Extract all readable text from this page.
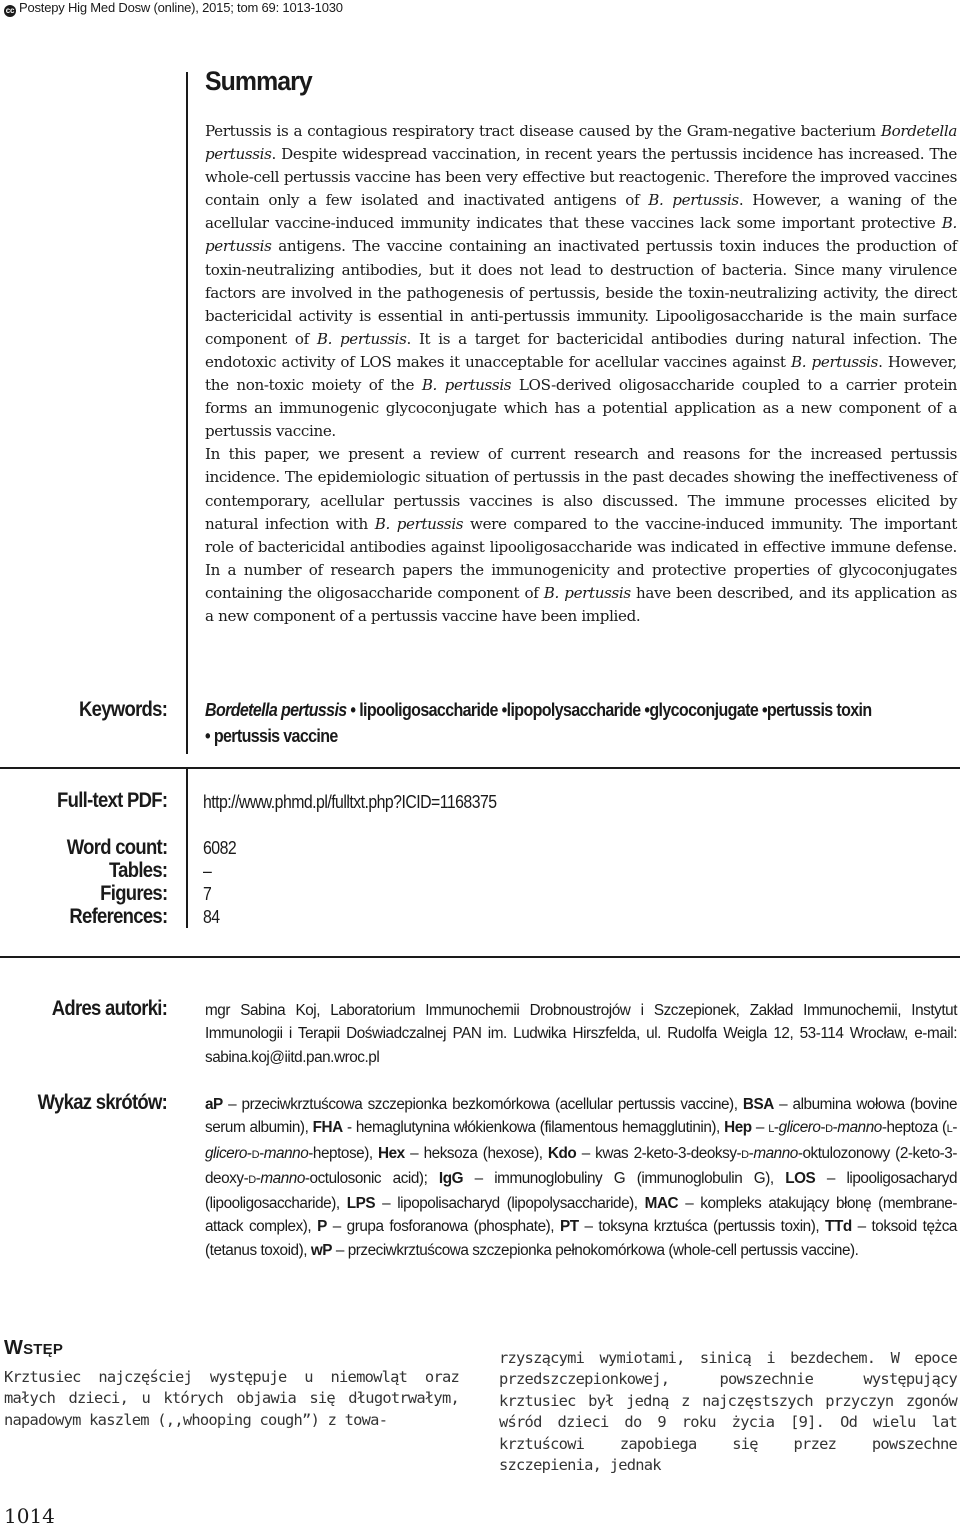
cc Postepy Hig Med Dosw (online), 2015; tom 69: 1013-1030
Summary

Pertussis is a contagious respiratory tract disease caused by the Gram-negative bacterium Bordetella pertussis. Despite widespread vaccination, in recent years the pertussis incidence has increased. The whole-cell pertussis vaccine has been very effective but reactogenic. Therefore the improved vaccines contain only a few isolated and inactivated antigens of B. pertussis. However, a waning of the acellular vaccine-induced immunity indicates that these vaccines lack some important protective B. pertussis antigens. The vaccine containing an inactivated pertussis toxin induces the production of toxin-neutralizing antibodies, but it does not lead to destruction of bacteria. Since many virulence factors are involved in the pathogenesis of pertussis, beside the toxin-neutralizing activity, the direct bactericidal activity is essential in anti-pertussis immunity. Lipooligosaccharide is the main surface component of B. pertussis. It is a target for bactericidal antibodies during natural infection. The endotoxic activity of LOS makes it unacceptable for acellular vaccines against B. pertussis. However, the non-toxic moiety of the B. pertussis LOS-derived oligosaccharide coupled to a carrier protein forms an immunogenic glycoconjugate which has a potential application as a new component of a pertussis vaccine.

In this paper, we present a review of current research and reasons for the increased pertussis incidence. The epidemiologic situation of pertussis in the past decades showing the ineffectiveness of contemporary, acellular pertussis vaccines is also discussed. The immune processes elicited by natural infection with B. pertussis were compared to the vaccine-induced immunity. The important role of bactericidal antibodies against lipooligosaccharide was indicated in effective immune defense. In a number of research papers the immunogenicity and protective properties of glycoconjugates containing the oligosaccharide component of B. pertussis have been described, and its application as a new component of a pertussis vaccine have been implied.

Keywords: Bordetella pertussis • lipooligosaccharide •lipopolysaccharide •glycoconjugate •pertussis toxin
• pertussis vaccine
Full-text PDF: http://www.phmd.pl/fulltxt.php?ICID=1168375
Word count: 6082
Tables: –
Figures: 7
References: 84
Adres autorki: mgr Sabina Koj, Laboratorium Immunochemii Drobnoustrojów i Szczepionek, Zakład Immunochemii, Instytut Immunologii i Terapii Doświadczalnej PAN im. Ludwika Hirszfelda, ul. Rudolfa Weigla 12, 53-114 Wrocław, e-mail: sabina.koj@iitd.pan.wroc.pl
Wykaz skrótów: aP – przeciwkrztuścowa szczepionka bezkomórkowa (acellular pertussis vaccine), BSA – albumina wołowa (bovine serum albumin), FHA - hemaglutynina włókienkowa (filamentous hemagglutinin), Hep – L-glicero-D-manno-heptoza (L-glicero-D-manno-heptose), Hex – heksoza (hexose), Kdo – kwas 2-keto-3-deoksy-D-manno-oktulozonowy (2-keto-3-deoxy-D-manno-octulosonic acid); IgG – immunoglobuliny G (immunoglobulin G), LOS – lipooligosacharyd (lipooligosaccharide), LPS – lipopolisacharyd (lipopolysaccharide), MAC – kompleks atakujący błonę (membrane-attack complex), P – grupa fosforanowa (phosphate), PT – toksyna krztuśca (pertussis toxin), TTd – toksoid tężca (tetanus toxoid), wP – przeciwkrztuścowa szczepionka pełnokomórkowa (whole-cell pertussis vaccine).
WSTĘP

Krztusiec najczęściej występuje u niemowląt oraz małych dzieci, u których objawia się długotrwałym, napadowym kaszlem (,,whooping cough”) z towa-

rzyszącymi wymiotami, sinicą i bezdechem. W epoce przedszczepionkowej, powszechnie występujący krztusiec był jedną z najczęstszych przyczyn zgonów wśród dzieci do 9 roku życia [9]. Od wielu lat krztuścowi zapobiega się przez powszechne szczepienia, jednak

1014
